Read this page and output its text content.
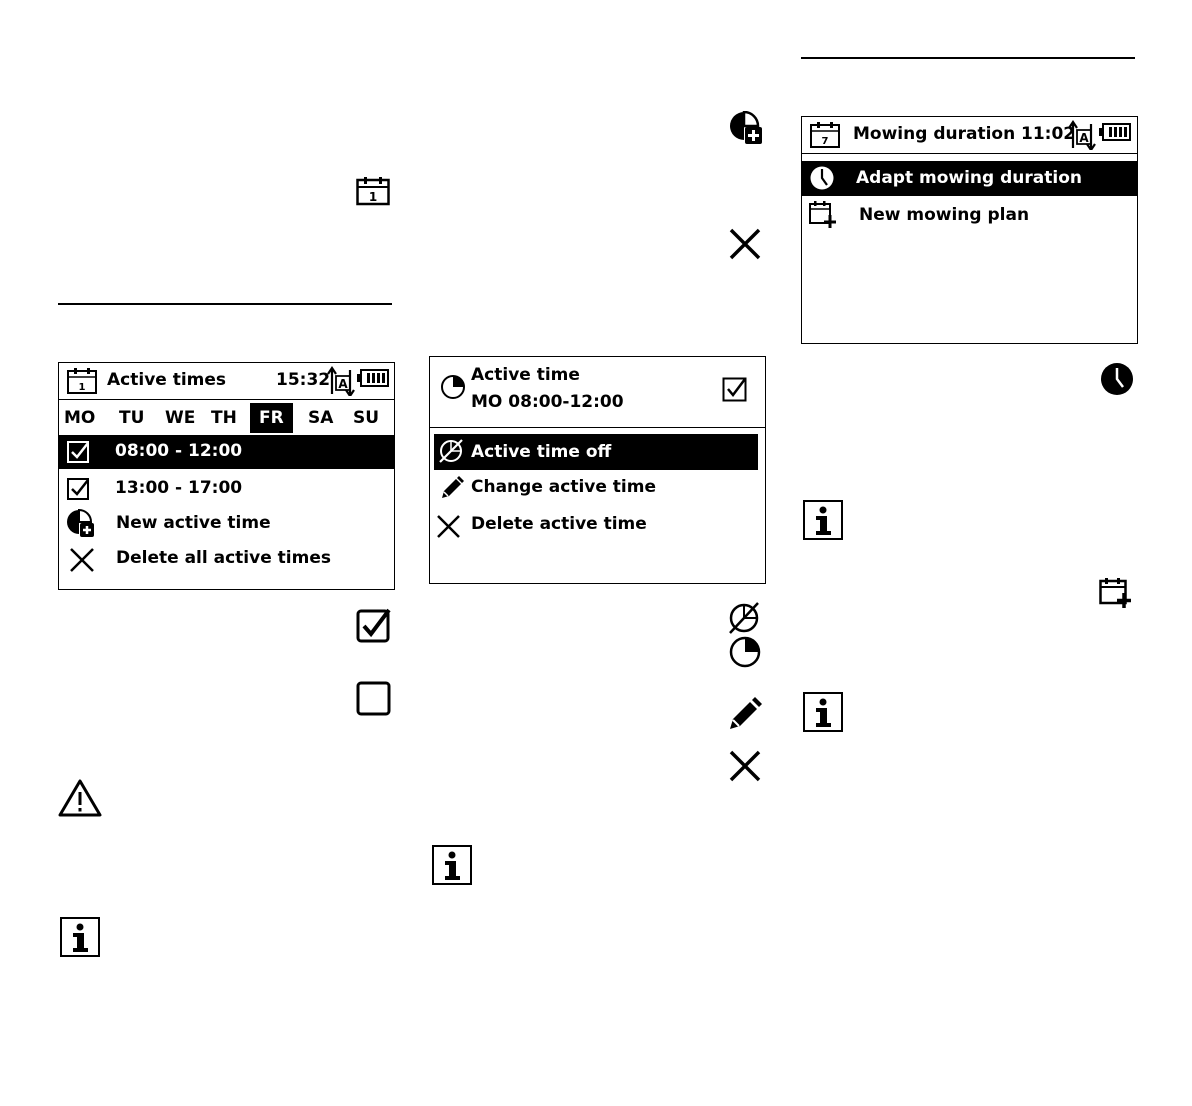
1
1 Active times	15:32 A
MO TU WE TH	FR	SA SU
08:00 - 12:00
13:00 - 17:00
New active time
Delete all active times
Active time
MO 08:00-12:00
Active time off
Change active time
Delete active time
7 Mowing duration 11:02 A
Adapt mowing duration
New mowing plan
